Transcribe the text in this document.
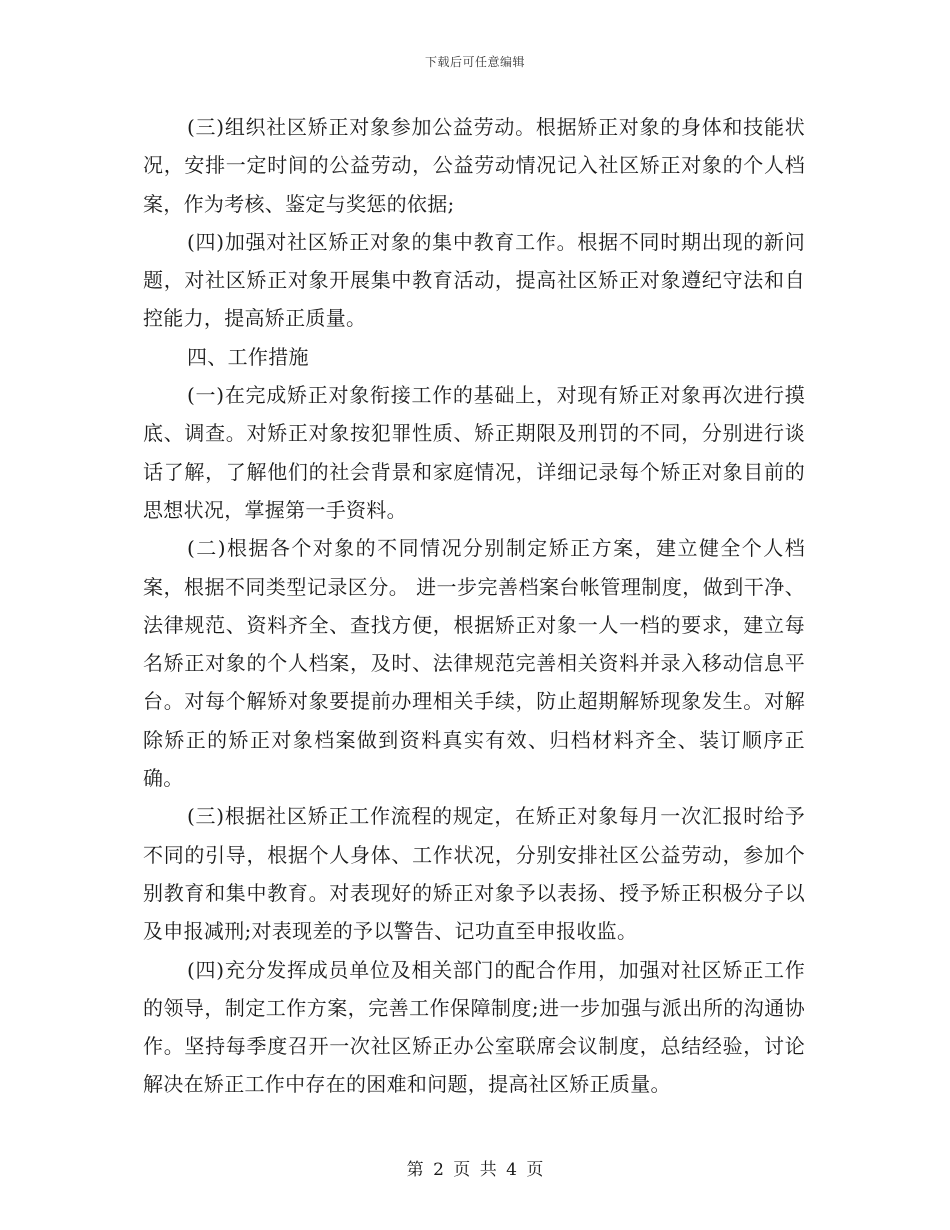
下载后可任意编辑

(三)组织社区矫正对象参加公益劳动。根据矫正对象的身体和技能状况，安排一定时间的公益劳动，公益劳动情况记入社区矫正对象的个人档案，作为考核、鉴定与奖惩的依据;

(四)加强对社区矫正对象的集中教育工作。根据不同时期出现的新问题，对社区矫正对象开展集中教育活动，提高社区矫正对象遵纪守法和自控能力，提高矫正质量。

四、工作措施

(一)在完成矫正对象衔接工作的基础上，对现有矫正对象再次进行摸底、调查。对矫正对象按犯罪性质、矫正期限及刑罚的不同，分别进行谈话了解，了解他们的社会背景和家庭情况，详细记录每个矫正对象目前的思想状况，掌握第一手资料。

(二)根据各个对象的不同情况分别制定矫正方案，建立健全个人档案，根据不同类型记录区分。 进一步完善档案台帐管理制度，做到干净、法律规范、资料齐全、查找方便，根据矫正对象一人一档的要求，建立每名矫正对象的个人档案，及时、法律规范完善相关资料并录入移动信息平台。对每个解矫对象要提前办理相关手续，防止超期解矫现象发生。对解除矫正的矫正对象档案做到资料真实有效、归档材料齐全、装订顺序正确。

(三)根据社区矫正工作流程的规定，在矫正对象每月一次汇报时给予不同的引导，根据个人身体、工作状况，分别安排社区公益劳动，参加个别教育和集中教育。对表现好的矫正对象予以表扬、授予矫正积极分子以及申报减刑;对表现差的予以警告、记功直至申报收监。

(四)充分发挥成员单位及相关部门的配合作用，加强对社区矫正工作的领导，制定工作方案，完善工作保障制度;进一步加强与派出所的沟通协作。坚持每季度召开一次社区矫正办公室联席会议制度，总结经验，讨论解决在矫正工作中存在的困难和问题，提高社区矫正质量。

第 2 页 共 4 页
